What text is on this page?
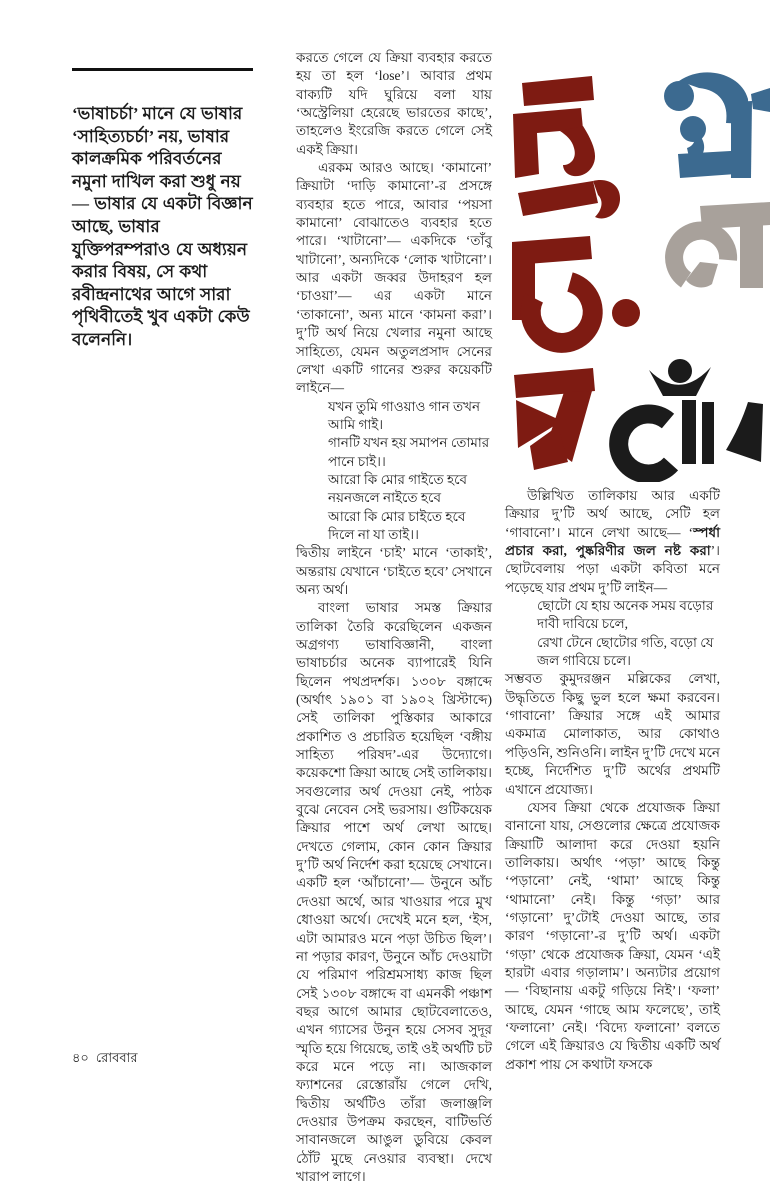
‘ভাষাচর্চা’ মানে যে ভাষার ‘সাহিত্যচর্চা’ নয়, ভাষার কালক্রমিক পরিবর্তনের নমুনা দাখিল করা শুধু নয়— ভাষার যে একটা বিজ্ঞান আছে, ভাষার যুক্তিপরম্পরাও যে অধ্যয়ন করার বিষয়, সে কথা রবীন্দ্রনাথের আগে সারা পৃথিবীতেই খুব একটা কেউ বলেননি।

করতে গেলে যে ক্রিয়া ব্যবহার করতে হয় তা হল ‘lose’। আবার প্রথম বাক্যটি যদি ঘুরিয়ে বলা যায় ‘অস্ট্রেলিয়া হেরেছে ভারতের কাছে’, তাহলেও ইংরেজি করতে গেলে সেই একই ক্রিয়া।

এরকম আরও আছে। ‘কামানো’ ক্রিয়াটা ‘দাড়ি কামানো’-র প্রসঙ্গে ব্যবহার হতে পারে, আবার ‘পয়সা কামানো’ বোঝাতেও ব্যবহার হতে পারে। ‘খাটানো’— একদিকে ‘তাঁবু খাটানো’, অন্যদিকে ‘লোক খাটানো’। আর একটা জব্বর উদাহরণ হল ‘চাওয়া’— এর একটা মানে ‘তাকানো’, অন্য মানে ‘কামনা করা’। দু’টি অর্থ নিয়ে খেলার নমুনা আছে সাহিত্যে, যেমন অতুলপ্রসাদ সেনের লেখা একটি গানের শুরুর কয়েকটি লাইনে—

যখন তুমি গাওয়াও গান তখন আমি গাই।
গানটি যখন হয় সমাপন তোমার পানে চাই।।
আরো কি মোর গাইতে হবে
নয়নজলে নাইতে হবে
আরো কি মোর চাইতে হবে দিলে না যা তাই।।

দ্বিতীয় লাইনে ‘চাই’ মানে ‘তাকাই’, অন্তরায় যেখানে ‘চাইতে হবে’ সেখানে অন্য অর্থ।

বাংলা ভাষার সমস্ত ক্রিয়ার তালিকা তৈরি করেছিলেন একজন অগ্রগণ্য ভাষাবিজ্ঞানী, বাংলা ভাষাচর্চার অনেক ব্যাপারেই যিনি ছিলেন পথপ্রদর্শক। ১৩০৮ বঙ্গাব্দে (অর্থাৎ ১৯০১ বা ১৯০২ খ্রিস্টাব্দে) সেই তালিকা পুস্তিকার আকারে প্রকাশিত ও প্রচারিত হয়েছিল ‘বঙ্গীয় সাহিত্য পরিষদ’-এর উদ্যোগে। কয়েকশো ক্রিয়া আছে সেই তালিকায়। সবগুলোর অর্থ দেওয়া নেই, পাঠক বুঝে নেবেন সেই ভরসায়। গুটিকয়েক ক্রিয়ার পাশে অর্থ লেখা আছে। দেখতে গেলাম, কোন কোন ক্রিয়ার দু’টি অর্থ নির্দেশ করা হয়েছে সেখানে। একটি হল ‘আঁচানো’— উনুনে আঁচ দেওয়া অর্থে, আর খাওয়ার পরে মুখ ধোওয়া অর্থে। দেখেই মনে হল, ‘ইস, এটা আমারও মনে পড়া উচিত ছিল’। না পড়ার কারণ, উনুনে আঁচ দেওয়াটা যে পরিমাণ পরিশ্রমসাধ্য কাজ ছিল সেই ১৩০৮ বঙ্গাব্দে বা এমনকী পঞ্চাশ বছর আগে আমার ছোটবেলাতেও, এখন গ্যাসের উনুন হয়ে সেসব সুদূর স্মৃতি হয়ে গিয়েছে, তাই ওই অর্থটি চট করে মনে পড়ে না। আজকাল ফ্যাশনের রেস্তোরাঁয় গেলে দেখি, দ্বিতীয় অর্থটিও তাঁরা জলাঞ্জলি দেওয়ার উপক্রম করছেন, বাটিভর্তি সাবানজলে আঙুল ডুবিয়ে কেবল ঠোঁট মুছে নেওয়ার ব্যবস্থা। দেখে খারাপ লাগে।

উল্লিখিত তালিকায় আর একটি ক্রিয়ার দু’টি অর্থ আছে, সেটি হল ‘গাবানো’। মানে লেখা আছে— ‘স্পর্ধা প্রচার করা, পুষ্করিণীর জল নষ্ট করা’। ছোটবেলায় পড়া একটা কবিতা মনে পড়েছে যার প্রথম দু’টি লাইন—

ছোটো যে হায় অনেক সময় বড়োর দাবী দাবিয়ে চলে,
রেখা টেনে ছোটোর গতি, বড়ো যে জল গাবিয়ে চলে।

সম্ভবত কুমুদরঞ্জন মল্লিকের লেখা, উদ্ধৃতিতে কিছু ভুল হলে ক্ষমা করবেন। ‘গাবানো’ ক্রিয়ার সঙ্গে এই আমার একমাত্র মোলাকাত, আর কোথাও পড়িওনি, শুনিওনি। লাইন দু’টি দেখে মনে হচ্ছে, নির্দেশিত দু’টি অর্থের প্রথমটি এখানে প্রযোজ্য।

যেসব ক্রিয়া থেকে প্রযোজক ক্রিয়া বানানো যায়, সেগুলোর ক্ষেত্রে প্রযোজক ক্রিয়াটি আলাদা করে দেওয়া হয়নি তালিকায়। অর্থাৎ ‘পড়া’ আছে কিন্তু ‘পড়ানো’ নেই, ‘থামা’ আছে কিন্তু ‘থামানো’ নেই। কিন্তু ‘গড়া’ আর ‘গড়ানো’ দু’টোই দেওয়া আছে, তার কারণ ‘গড়ানো’-র দু’টি অর্থ। একটা ‘গড়া’ থেকে প্রযোজক ক্রিয়া, যেমন ‘এই হারটা এবার গড়ালাম’। অন্যটার প্রয়োগ— ‘বিছানায় একটু গড়িয়ে নিই’। ‘ফলা’ আছে, যেমন ‘গাছে আম ফলেছে’, তাই ‘ফলানো’ নেই। ‘বিদ্যে ফলানো’ বলতে গেলে এই ক্রিয়ারও যে দ্বিতীয় একটি অর্থ প্রকাশ পায় সে কথাটা ফসকে

৪০ রোববার
